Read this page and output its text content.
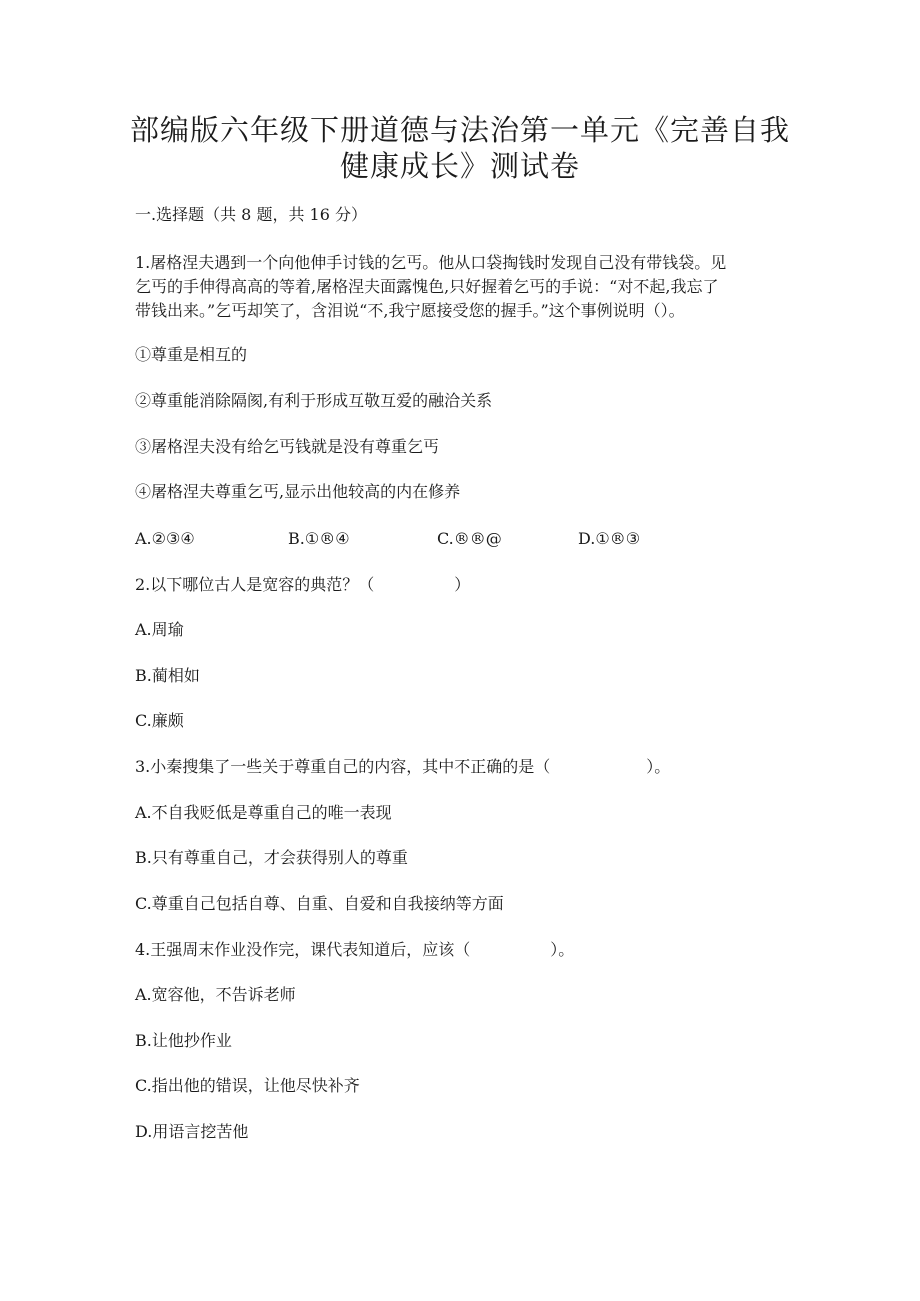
部编版六年级下册道德与法治第一单元《完善自我
健康成长》测试卷
一.选择题（共 8 题，共 16 分）
1.屠格涅夫遇到一个向他伸手讨钱的乞丐。他从口袋掏钱时发现自己没有带钱袋。见
乞丐的手伸得高高的等着,屠格涅夫面露愧色,只好握着乞丐的手说：“对不起,我忘了
带钱出来。”乞丐却笑了，含泪说“不,我宁愿接受您的握手。”这个事例说明（）。
①尊重是相互的
②尊重能消除隔阂,有利于形成互敬互爱的融洽关系
③屠格涅夫没有给乞丐钱就是没有尊重乞丐
④屠格涅夫尊重乞丐,显示出他较高的内在修养
A.②③④	B.①®④	C.®®@	D.①®③
2.以下哪位古人是宽容的典范？（　　　　　）
A.周瑜
B.蔺相如
C.廉颇
3.小秦搜集了一些关于尊重自己的内容，其中不正确的是（　　　　　　）。
A.不自我贬低是尊重自己的唯一表现
B.只有尊重自己，才会获得别人的尊重
C.尊重自己包括自尊、自重、自爱和自我接纳等方面
4.王强周末作业没作完，课代表知道后，应该（　　　　　）。
A.宽容他，不告诉老师
B.让他抄作业
C.指出他的错误，让他尽快补齐
D.用语言挖苦他
